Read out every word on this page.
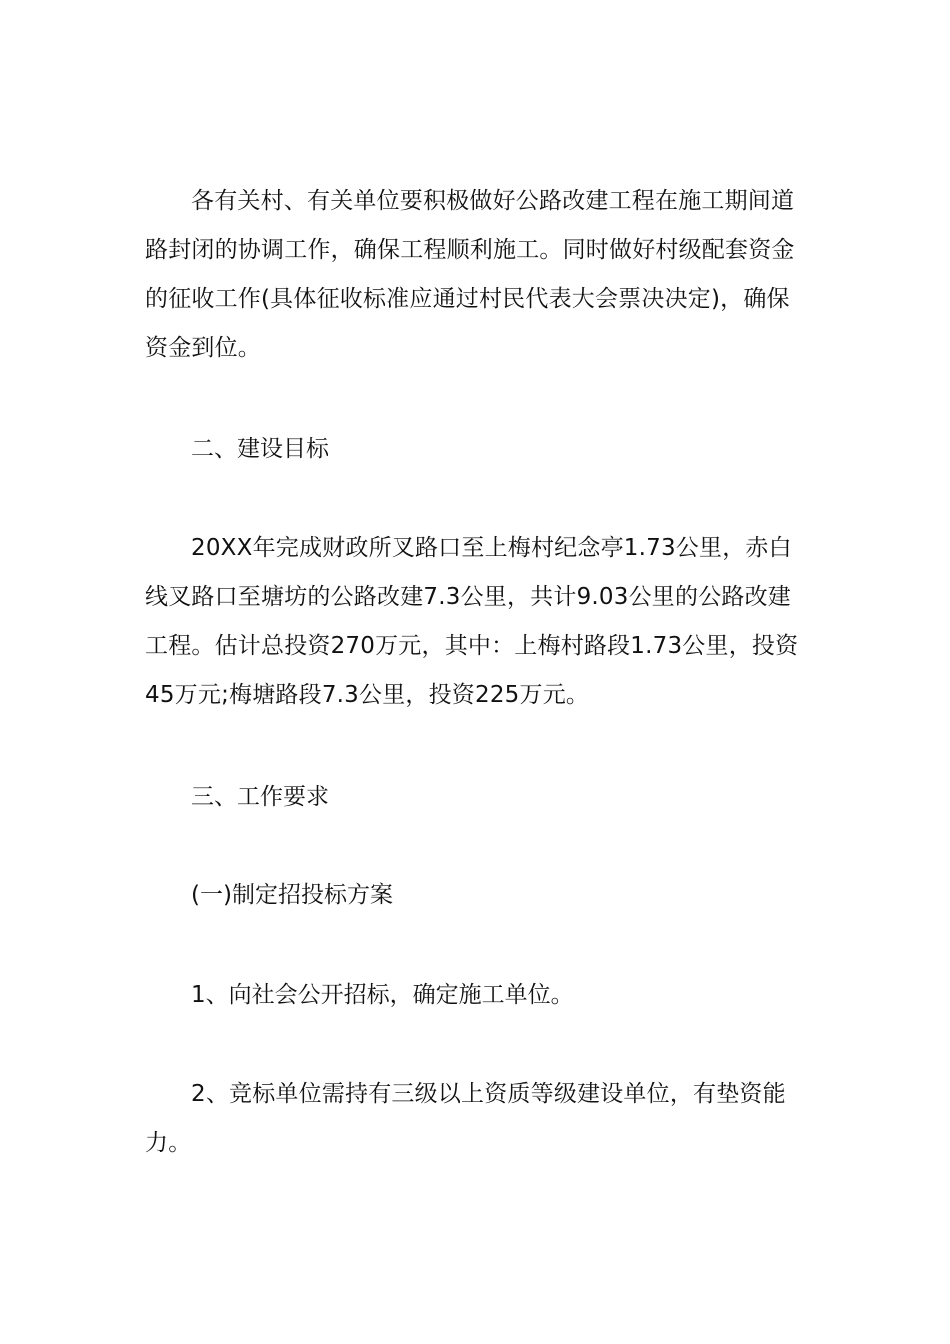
各有关村、有关单位要积极做好公路改建工程在施工期间道路封闭的协调工作，确保工程顺利施工。同时做好村级配套资金的征收工作(具体征收标准应通过村民代表大会票决决定)，确保资金到位。

二、建设目标

20XX年完成财政所叉路口至上梅村纪念亭1.73公里，赤白线叉路口至塘坊的公路改建7.3公里，共计9.03公里的公路改建工程。估计总投资270万元，其中：上梅村路段1.73公里，投资45万元;梅塘路段7.3公里，投资225万元。

三、工作要求

(一)制定招投标方案

1、向社会公开招标，确定施工单位。

2、竞标单位需持有三级以上资质等级建设单位，有垫资能力。
